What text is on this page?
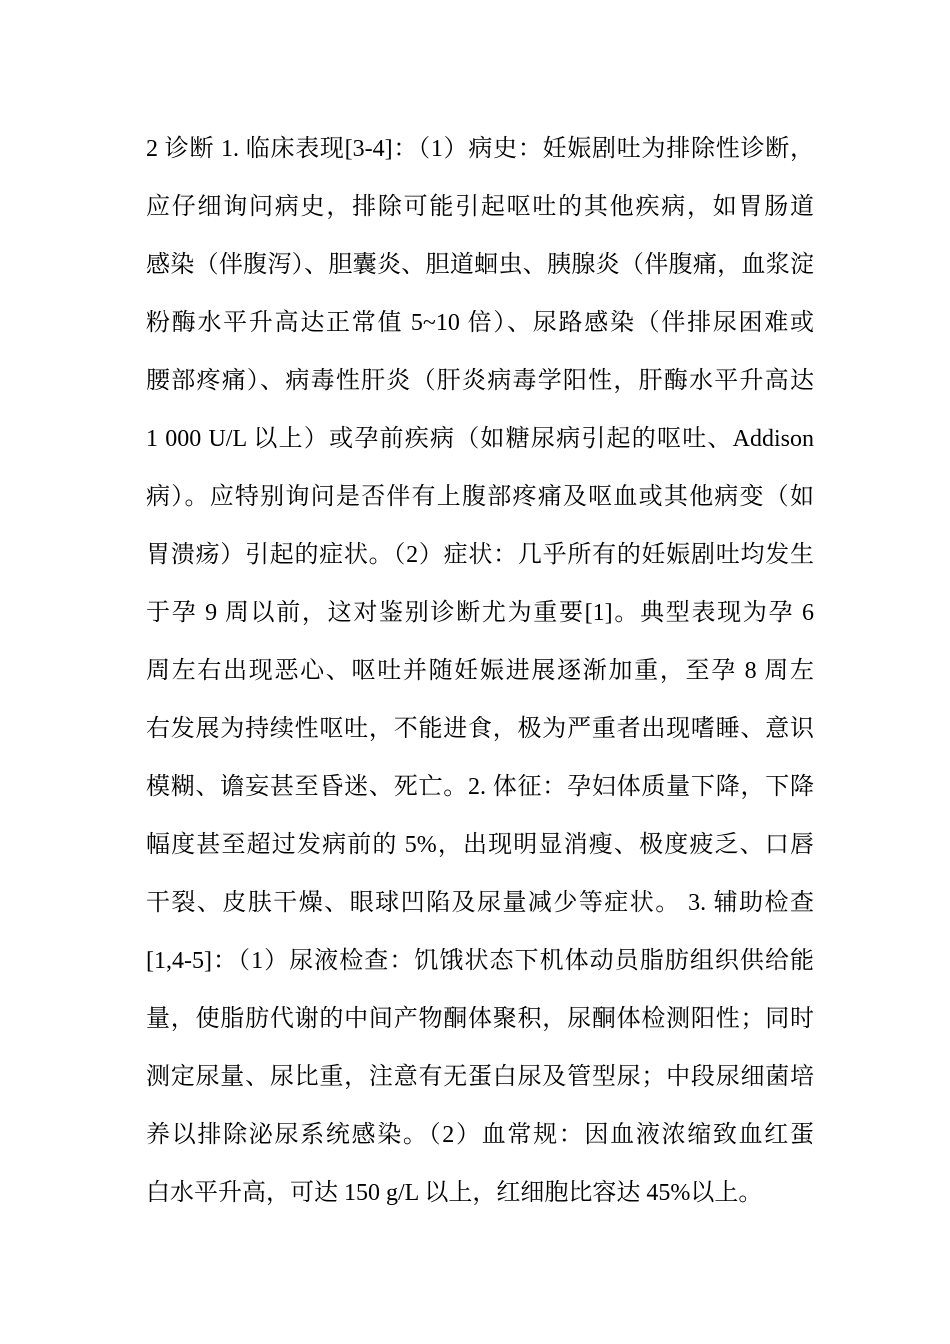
2 诊断 1. 临床表现[3-4]：（1）病史：妊娠剧吐为排除性诊断，
应仔细询问病史，排除可能引起呕吐的其他疾病，如胃肠道
感染（伴腹泻）、胆囊炎、胆道蛔虫、胰腺炎（伴腹痛，血浆淀
粉酶水平升高达正常值 5~10 倍）、尿路感染（伴排尿困难或
腰部疼痛）、病毒性肝炎（肝炎病毒学阳性，肝酶水平升高达
1 000 U/L 以上）或孕前疾病（如糖尿病引起的呕吐、Addison
病）。应特别询问是否伴有上腹部疼痛及呕血或其他病变（如
胃溃疡）引起的症状。（2）症状：几乎所有的妊娠剧吐均发生
于孕 9 周以前，这对鉴别诊断尤为重要[1]。典型表现为孕 6
周左右出现恶心、呕吐并随妊娠进展逐渐加重，至孕 8 周左
右发展为持续性呕吐，不能进食，极为严重者出现嗜睡、意识
模糊、谵妄甚至昏迷、死亡。2. 体征：孕妇体质量下降，下降
幅度甚至超过发病前的 5%，出现明显消瘦、极度疲乏、口唇
干裂、皮肤干燥、眼球凹陷及尿量减少等症状。 3. 辅助检查
[1,4-5]：（1）尿液检查：饥饿状态下机体动员脂肪组织供给能
量，使脂肪代谢的中间产物酮体聚积，尿酮体检测阳性；同时
测定尿量、尿比重，注意有无蛋白尿及管型尿；中段尿细菌培
养以排除泌尿系统感染。（2）血常规：因血液浓缩致血红蛋
白水平升高，可达 150 g/L 以上，红细胞比容达 45%以上。
